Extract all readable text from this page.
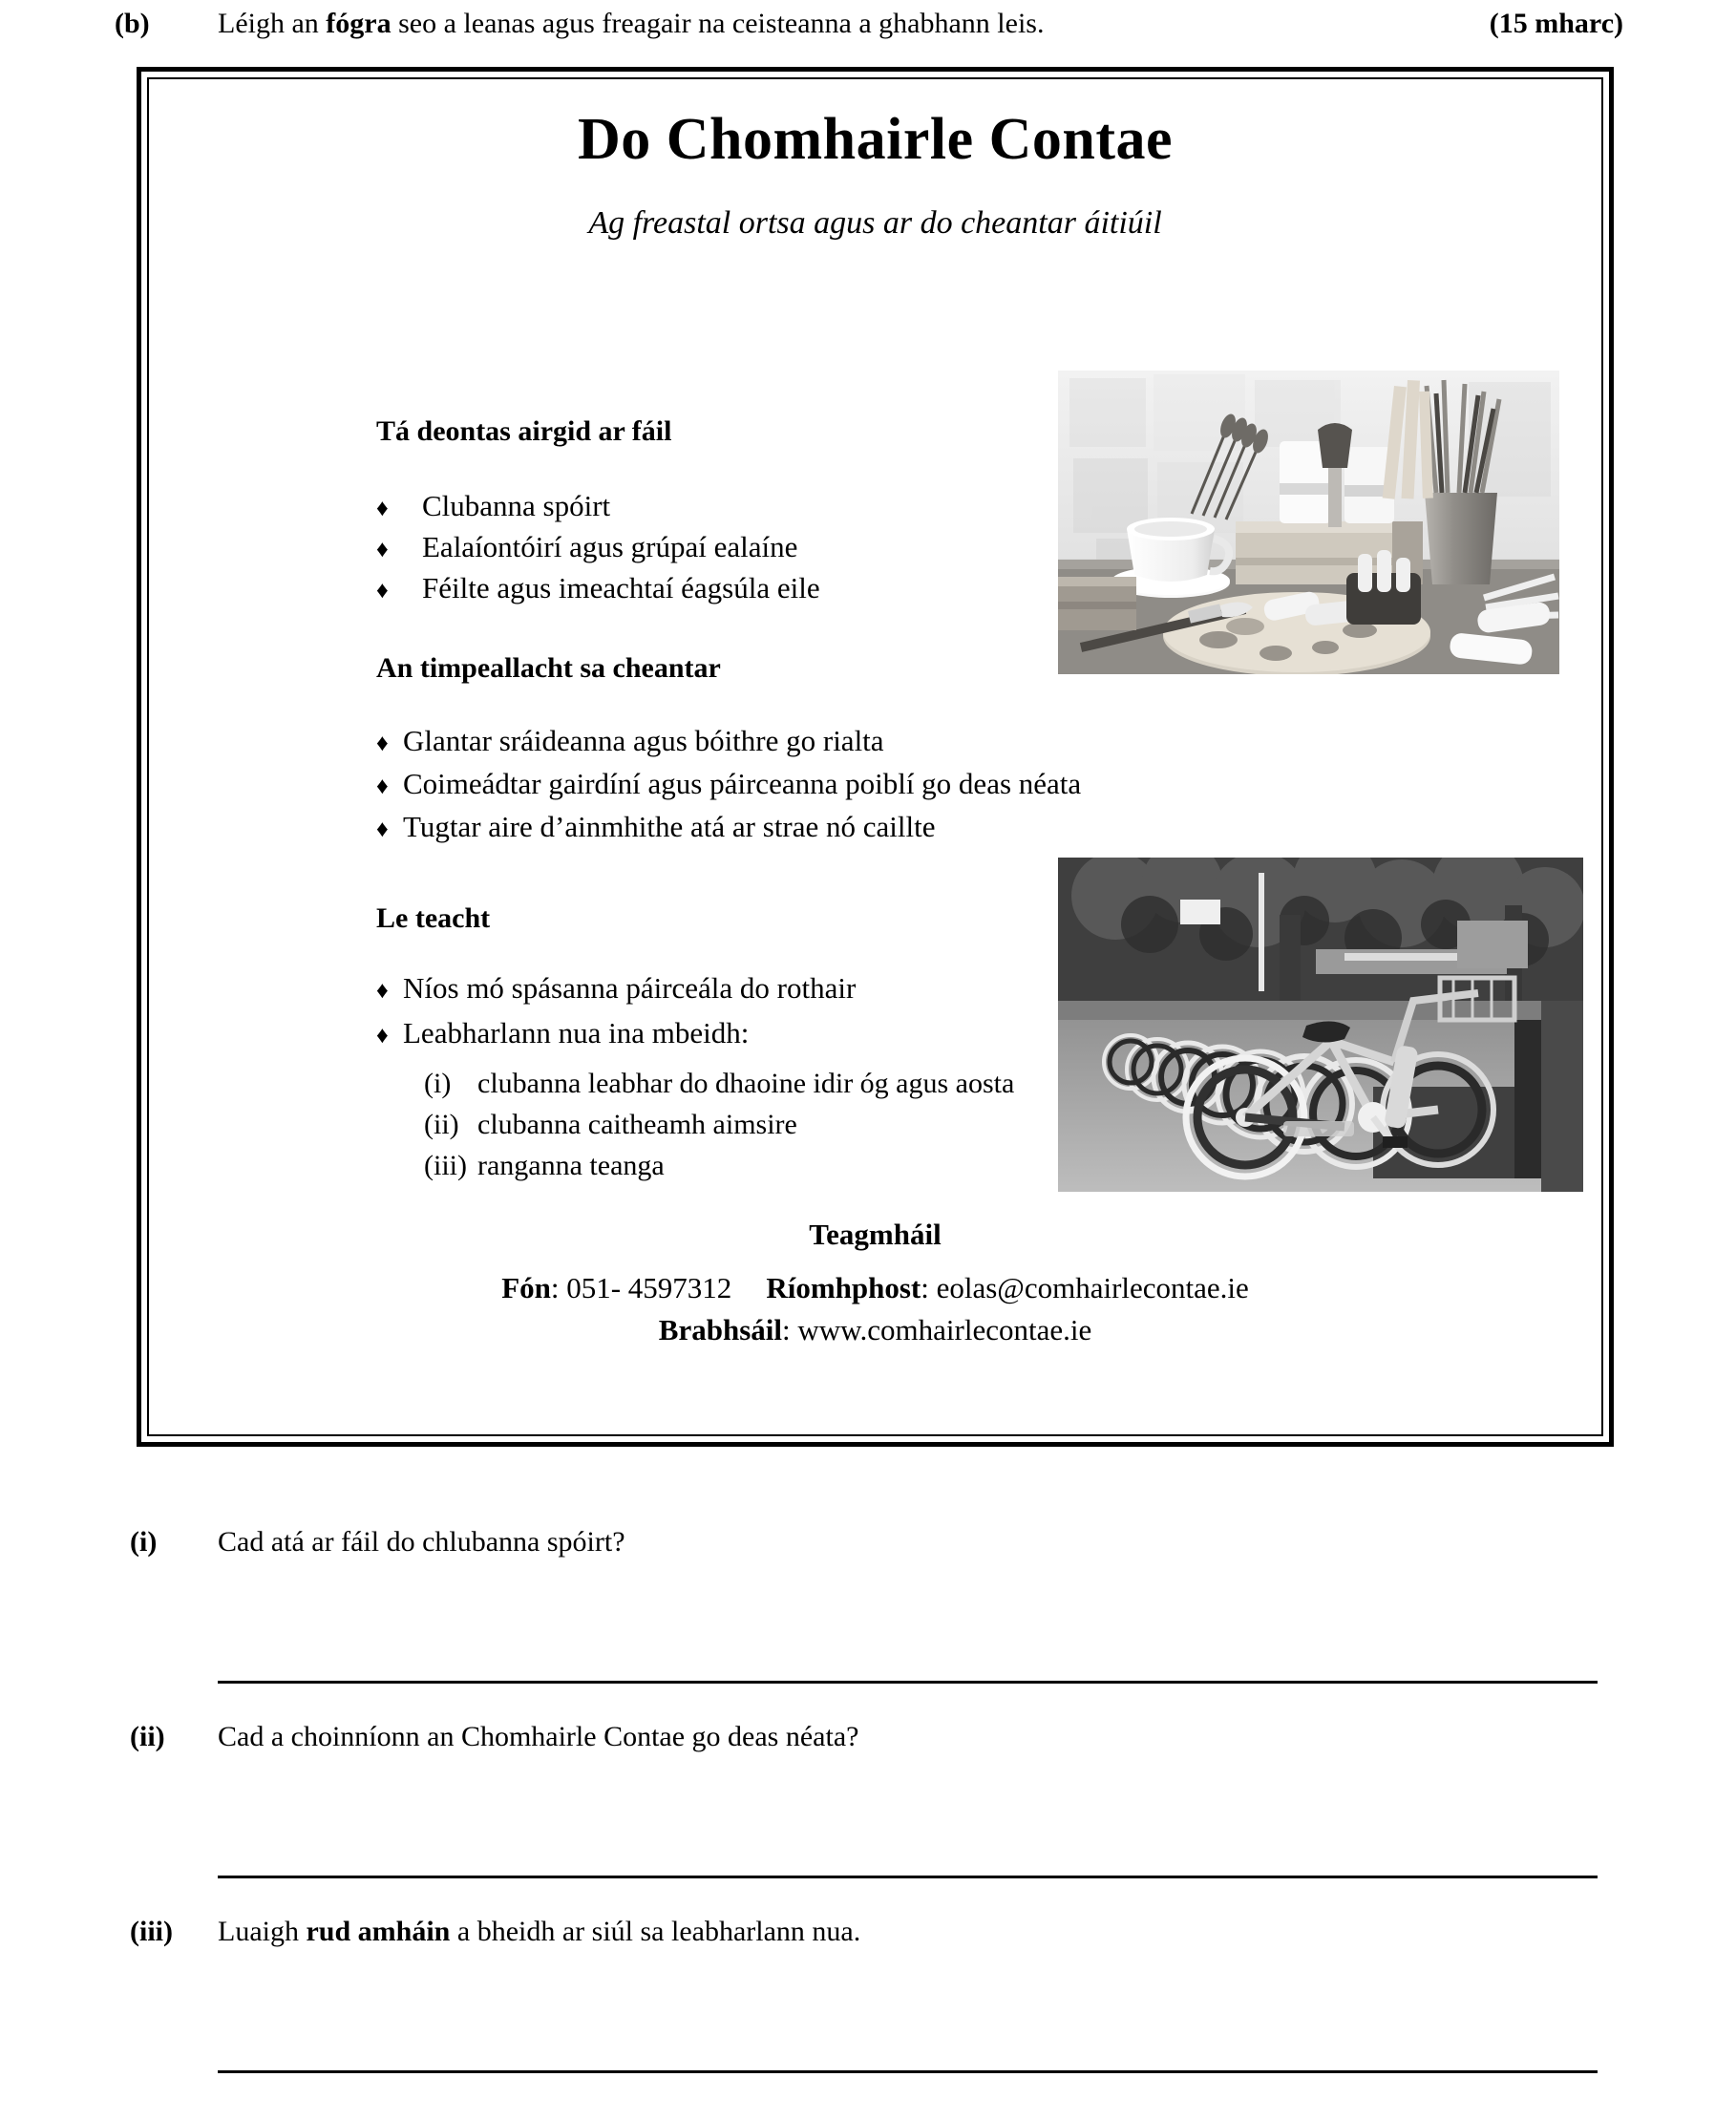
(b) Léigh an fógra seo a leanas agus freagair na ceisteanna a ghabhann leis.	(15 mharc)
Do Chomhairle Contae
Ag freastal ortsa agus ar do cheantar áitiúil
Tá deontas airgid ar fáil
♦	Clubanna spóirt
♦	Ealaíontóirí agus grúpaí ealaíne
♦	Féilte agus imeachtaí éagsúla eile
An timpeallacht sa cheantar
♦ Glantar sráideanna agus bóithre go rialta
♦ Coimeádtar gairdíní agus páirceanna poiblí go deas néata
♦ Tugtar aire d’ainmhithe atá ar strae nó caillte
Le teacht
♦ Níos mó spásanna páirceála do rothair
♦ Leabharlann nua ina mbeidh:
(i) clubanna leabhar do dhaoine idir óg agus aosta
(ii) clubanna caitheamh aimsire
(iii) ranganna teanga
Teagmháil
Fón: 051- 4597312 Ríomhphost: eolas@comhairlecontae.ie
Brabhsáil: www.comhairlecontae.ie
(i) Cad atá ar fáil do chlubanna spóirt?
(ii) Cad a choinníonn an Chomhairle Contae go deas néata?
(iii) Luaigh rud amháin a bheidh ar siúl sa leabharlann nua.
